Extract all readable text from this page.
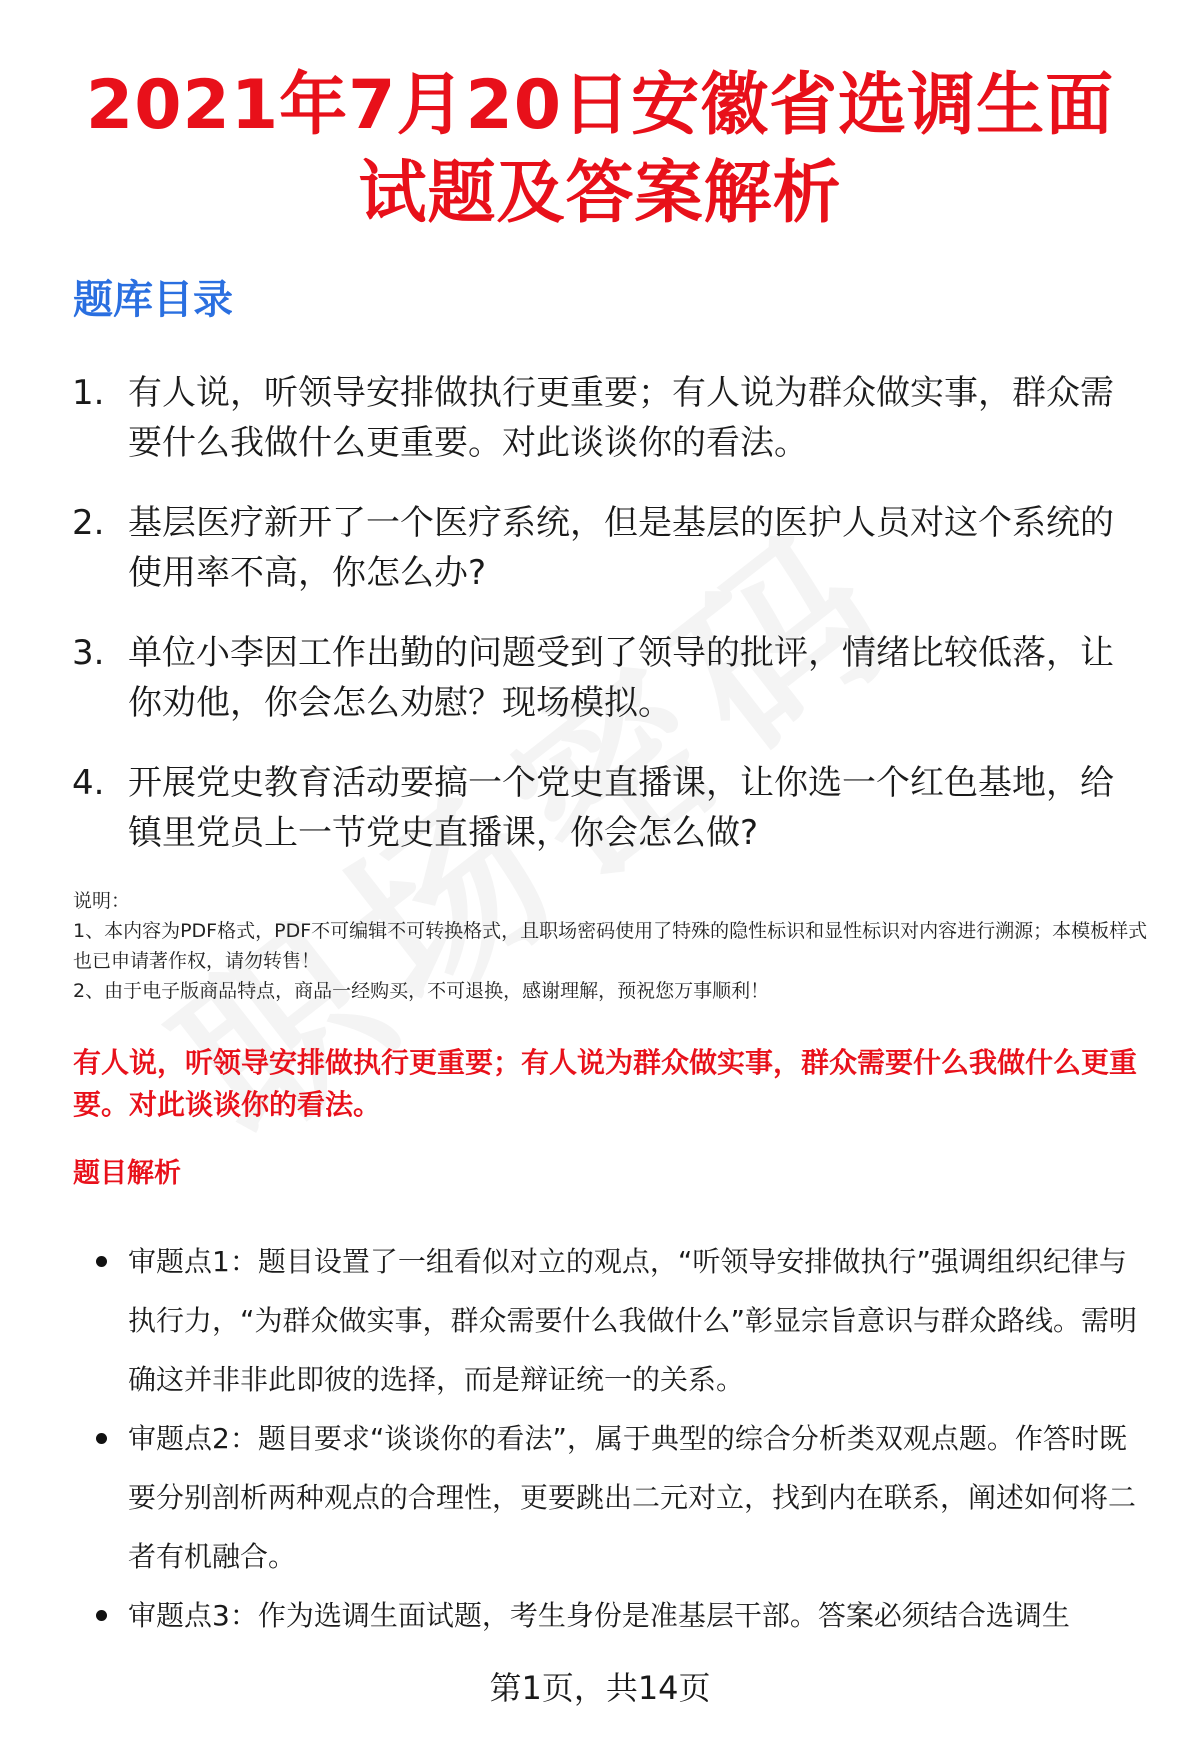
2021年7月20日安徽省选调生面试题及答案解析
题库目录
1. 有人说，听领导安排做执行更重要；有人说为群众做实事，群众需要什么我做什么更重要。对此谈谈你的看法。
2. 基层医疗新开了一个医疗系统，但是基层的医护人员对这个系统的使用率不高，你怎么办?
3. 单位小李因工作出勤的问题受到了领导的批评，情绪比较低落，让你劝他，你会怎么劝慰？现场模拟。
4. 开展党史教育活动要搞一个党史直播课，让你选一个红色基地，给镇里党员上一节党史直播课，你会怎么做?

说明：

1、本内容为PDF格式，PDF不可编辑不可转换格式，且职场密码使用了特殊的隐性标识和显性标识对内容进行溯源；本模板样式也已申请著作权，请勿转售！

2、由于电子版商品特点，商品一经购买，不可退换，感谢理解，预祝您万事顺利！

有人说，听领导安排做执行更重要；有人说为群众做实事，群众需要什么我做什么更重要。对此谈谈你的看法。
题目解析
审题点1：题目设置了一组看似对立的观点，“听领导安排做执行”强调组织纪律与执行力，“为群众做实事，群众需要什么我做什么”彰显宗旨意识与群众路线。需明确这并非非此即彼的选择，而是辩证统一的关系。
审题点2：题目要求“谈谈你的看法”，属于典型的综合分析类双观点题。作答时既要分别剖析两种观点的合理性，更要跳出二元对立，找到内在联系，阐述如何将二者有机融合。
审题点3：作为选调生面试题，考生身份是准基层干部。答案必须结合选调生
第1页，共14页
